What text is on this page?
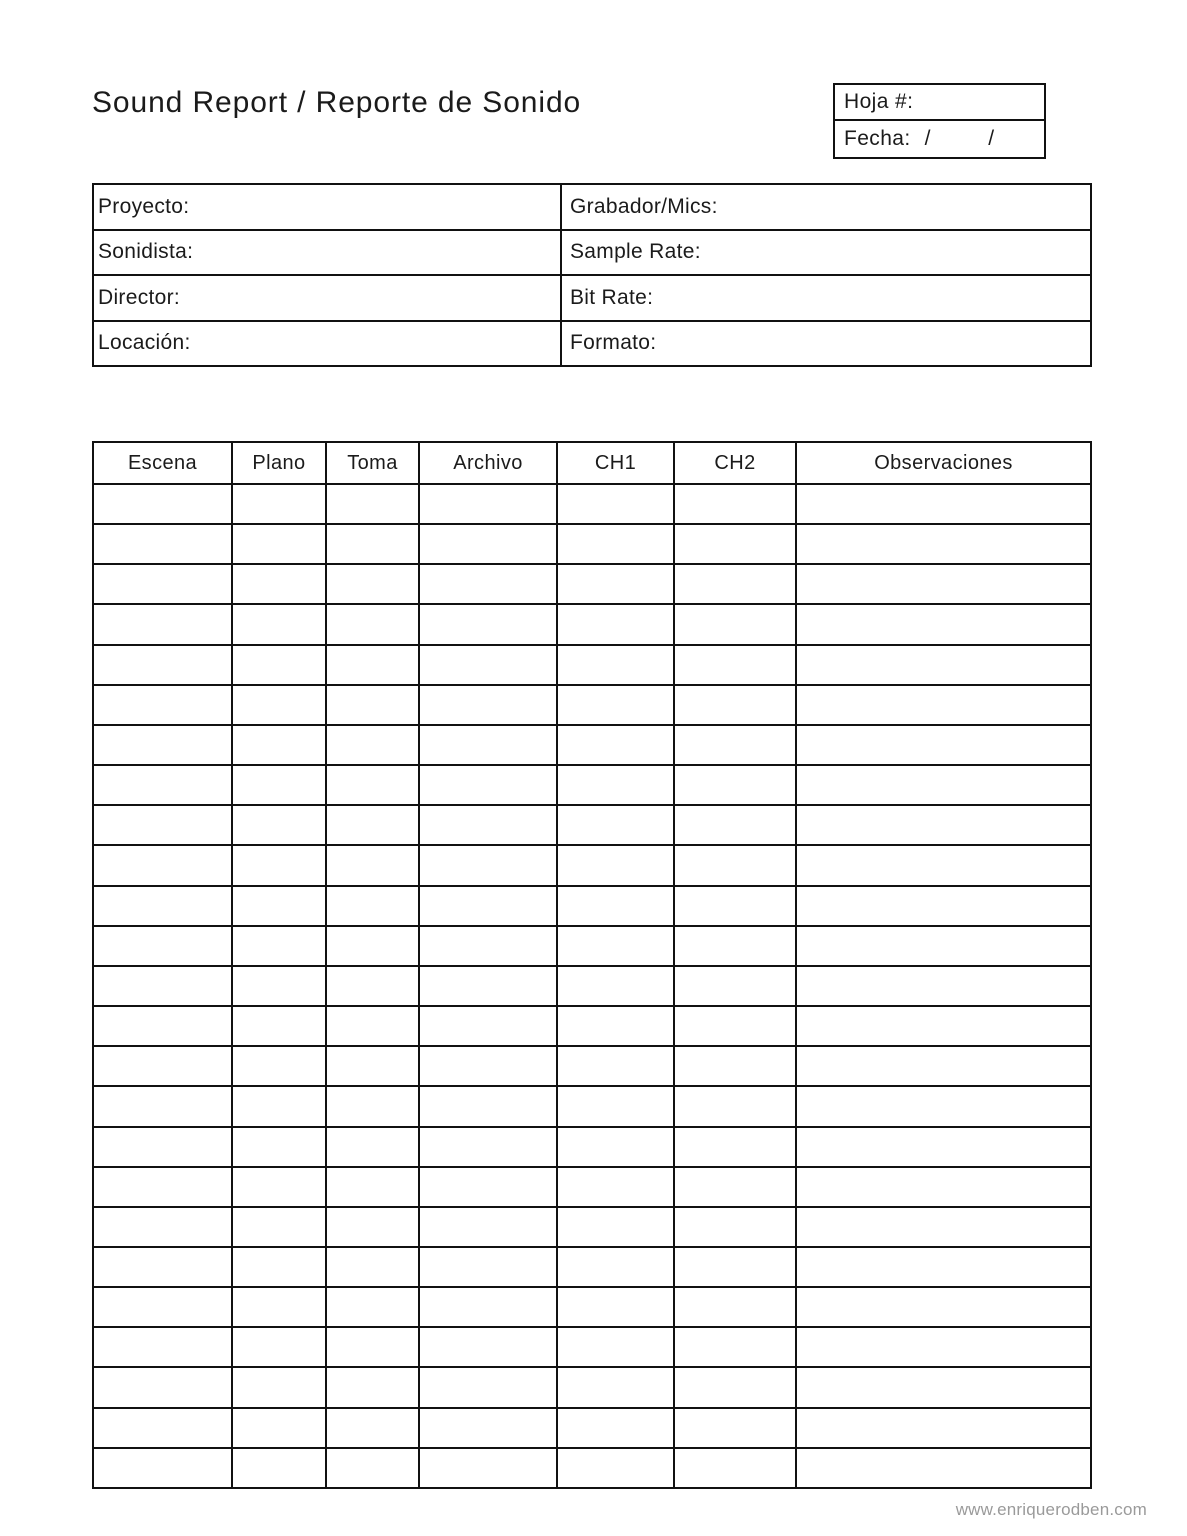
Sound Report / Reporte de Sonido	Hoja #:
Fecha: / /
Proyecto:	Grabador/Mics:
Sonidista:	Sample Rate:
Director:	Bit Rate:
Locación:	Formato:
Escena	Plano	Toma	Archivo	CH1	CH2	Observaciones
www.enriquerodben.com
